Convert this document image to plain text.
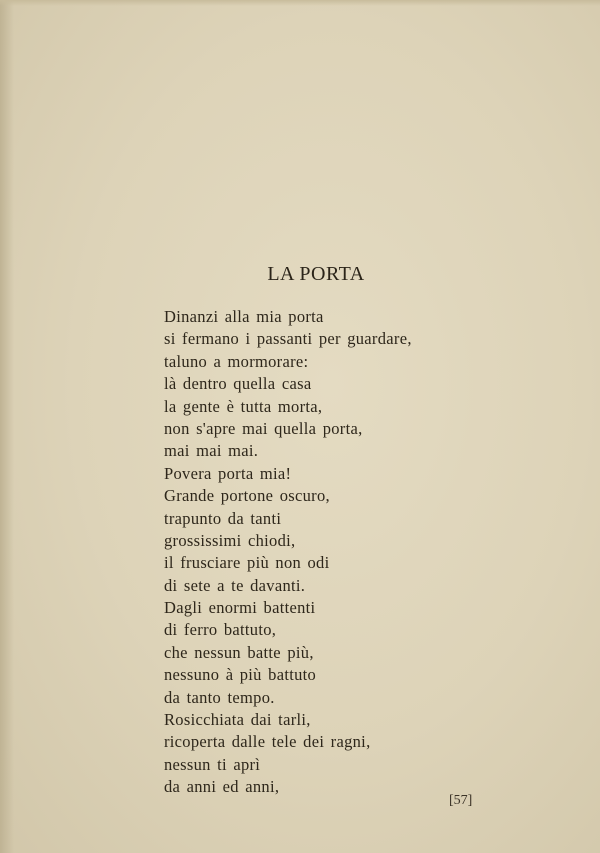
LA PORTA
Dinanzi alla mia porta
si fermano i passanti per guardare,
taluno a mormorare:
là dentro quella casa
la gente è tutta morta,
non s'apre mai quella porta,
mai mai mai.
Povera porta mia!
Grande portone oscuro,
trapunto da tanti
grossissimi chiodi,
il frusciare più non odi
di sete a te davanti.
Dagli enormi battenti
di ferro battuto,
che nessun batte più,
nessuno à più battuto
da tanto tempo.
Rosicchiata dai tarli,
ricoperta dalle tele dei ragni,
nessun ti aprì
da anni ed anni,
[57]
